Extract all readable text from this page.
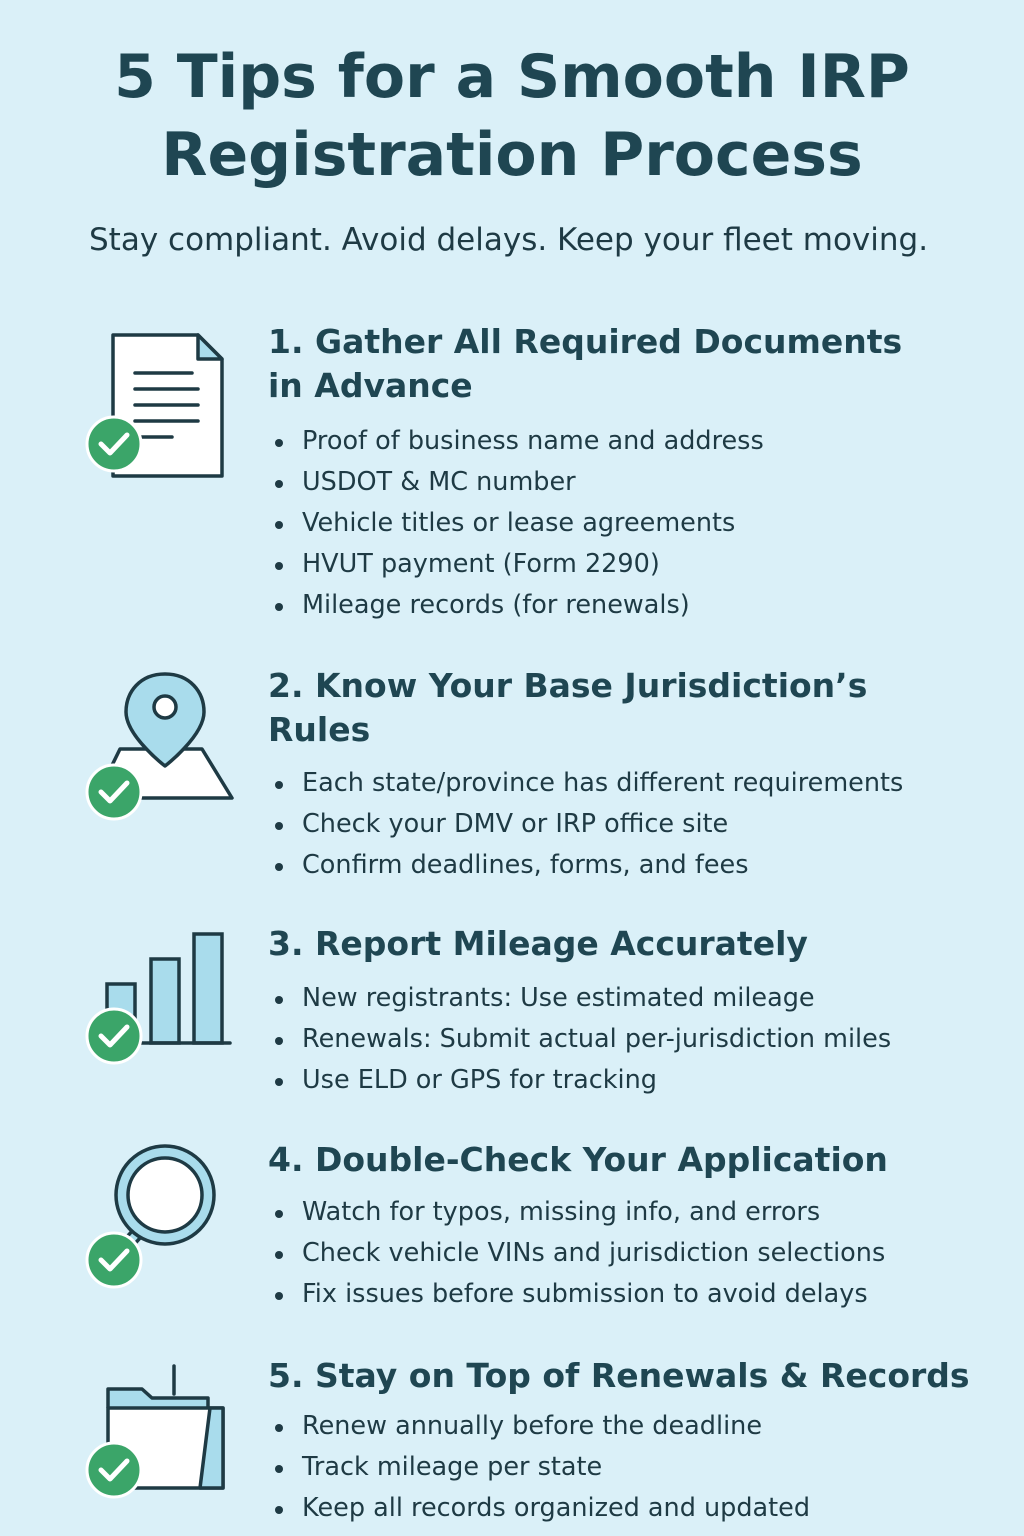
5 Tips for a Smooth IRP
Registration Process

Stay compliant. Avoid delays. Keep your fleet moving.

1. Gather All Required Documents
in Advance
Proof of business name and address
USDOT & MC number
Vehicle titles or lease agreements
HVUT payment (Form 2290)
Mileage records (for renewals)
2. Know Your Base Jurisdiction’s
Rules
Each state/province has different requirements
Check your DMV or IRP office site
Confirm deadlines, forms, and fees
3. Report Mileage Accurately
New registrants: Use estimated mileage
Renewals: Submit actual per-jurisdiction miles
Use ELD or GPS for tracking
4. Double-Check Your Application
Watch for typos, missing info, and errors
Check vehicle VINs and jurisdiction selections
Fix issues before submission to avoid delays
5. Stay on Top of Renewals & Records
Renew annually before the deadline
Track mileage per state
Keep all records organized and updated
